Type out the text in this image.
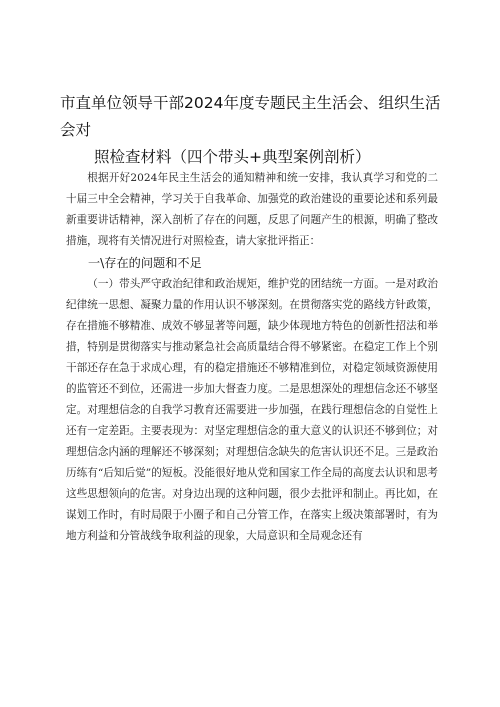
市直单位领导干部2024年度专题民主生活会、组织生活会对
照检查材料（四个带头+典型案例剖析）

根据开好2024年民主生活会的通知精神和统一安排，我认真学习和党的二十届三中全会精神，学习关于自我革命、加强党的政治建设的重要论述和系列最新重要讲话精神，深入剖析了存在的问题，反思了问题产生的根源，明确了整改措施，现将有关情况进行对照检查，请大家批评指正：

一\存在的问题和不足

（一）带头严守政治纪律和政治规矩，维护党的团结统一方面。一是对政治纪律统一思想、凝聚力量的作用认识不够深刻。在贯彻落实党的路线方针政策，存在措施不够精准、成效不够显著等问题，缺少体现地方特色的创新性招法和举措，特别是贯彻落实与推动紧急社会高质量结合得不够紧密。在稳定工作上个别干部还存在急于求成心理，有的稳定措施还不够精准到位，对稳定领域资源使用的监管还不到位，还需进一步加大督查力度。二是思想深处的理想信念还不够坚定。对理想信念的自我学习教育还需要进一步加强，在践行理想信念的自觉性上还有一定差距。主要表现为：对坚定理想信念的重大意义的认识还不够到位；对理想信念内涵的理解还不够深刻；对理想信念缺失的危害认识还不足。三是政治历练有“后知后觉”的短板。没能很好地从党和国家工作全局的高度去认识和思考这些思想领向的危害。对身边出现的这种问题，很少去批评和制止。再比如，在谋划工作时，有时局限于小圈子和自己分管工作，在落实上级决策部署时，有为地方利益和分管战线争取利益的现象，大局意识和全局观念还有
